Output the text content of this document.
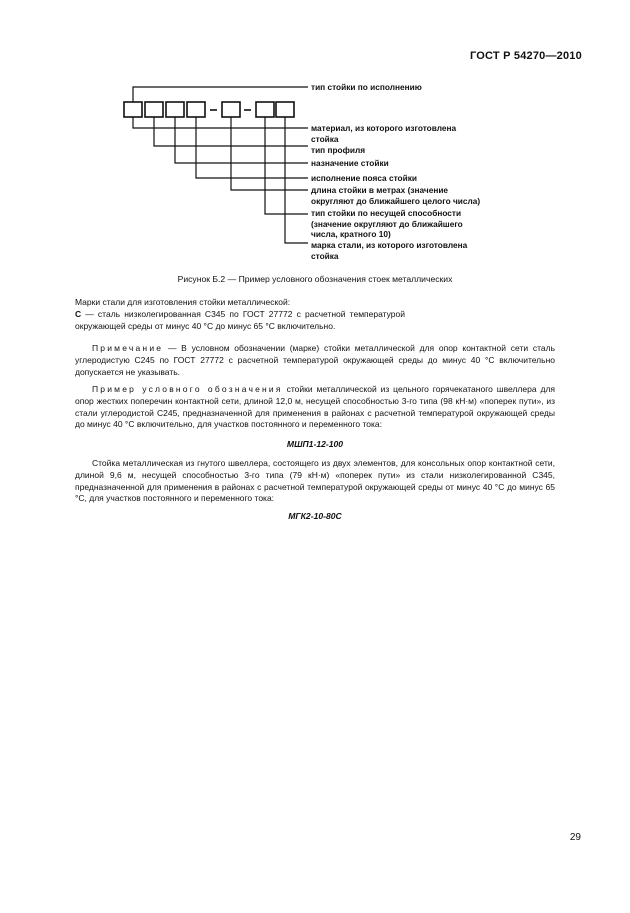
ГОСТ Р 54270—2010
тип стойки по исполнению
материал, из которого изготовлена стойка
тип профиля
назначение стойки
исполнение пояса стойки
длина стойки в метрах (значение округляют до ближайшего целого числа)
тип стойки по несущей способности (значение округляют до ближайшего числа, кратного 10)
марка стали, из которого изготовлена стойка
Рисунок Б.2 — Пример условного обозначения стоек металлических
Марки стали для изготовления стойки металлической:
С — сталь низколегированная С345 по ГОСТ 27772 с расчетной температурой окружающей среды от минус 40 °С до минус 65 °С включительно.
Примечание — В условном обозначении (марке) стойки металлической для опор контактной сети сталь углеродистую С245 по ГОСТ 27772 с расчетной температурой окружающей среды до минус 40 °С включительно допускается не указывать.
Пример условного обозначения стойки металлической из цельного горячекатаного швеллера для опор жестких поперечин контактной сети, длиной 12,0 м, несущей способностью 3-го типа (98 кН·м) «поперек пути», из стали углеродистой С245, предназначенной для применения в районах с расчетной температурой окружающей среды до минус 40 °С включительно, для участков постоянного и переменного тока:
МШП1-12-100
Стойка металлическая из гнутого швеллера, состоящего из двух элементов, для консольных опор контактной сети, длиной 9,6 м, несущей способностью 3-го типа (79 кН·м) «поперек пути» из стали низколегированной С345, предназначенной для применения в районах с расчетной температурой окружающей среды от минус 40 °С до минус 65 °С, для участков постоянного и переменного тока:
МГК2-10-80С
29
